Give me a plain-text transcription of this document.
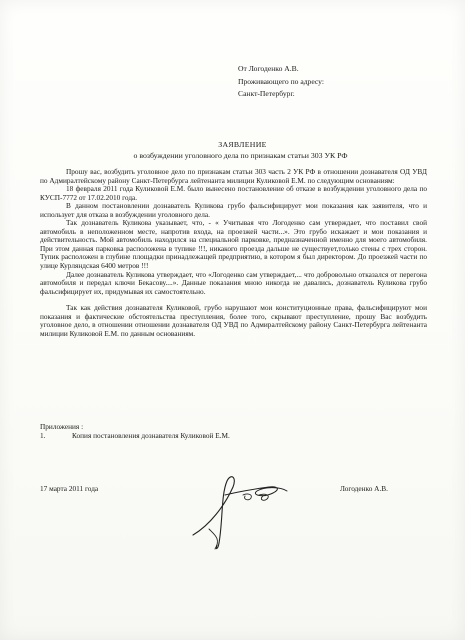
От Логоденко А.В.
Проживающего по адресу:
Санкт-Петербург.
ЗАЯВЛЕНИЕ
о возбуждении уголовного дела по признакам статьи 303 УК РФ

Прошу вас, возбудить уголовное дело по признакам статьи 303 часть 2 УК РФ в отношении дознавателя ОД УВД по Адмиралтейскому району Санкт-Петербурга лейтенанта милиции Куликовой Е.М. по следующим основаниям:

18 февраля 2011 года Куликовой Е.М. было вынесено постановление об отказе в возбуждении уголовного дела по КУСП-7772 от 17.02.2010 года.

В данном постановлении дознаватель Куликова грубо фальсифицирует мои показания как заявителя, что и использует для отказа в возбуждении уголовного дела.

Так дознаватель Куликова указывает, что, - « Учитывая что Логоденко сам утверждает, что поставил свой автомобиль в неположенном месте, напротив входа, на проезжей части...». Это грубо искажает и мои показания и действительность. Мой автомобиль находился на специальной парковке, предназначенной именно для моего автомобиля. При этом данная парковка расположена в тупике !!!, никакого проезда дальше не существует,только стены с трех сторон. Тупик расположен в глубине площадки принадлежащей предприятию, в котором я был директором. До проезжей части по улице Курляндская 6400 метров !!!

Далее дознаватель Куликова утверждает, что «Логоденко сам утверждает,... что добровольно отказался от перегона автомобиля и передал ключи Бекасову....». Данные показания мною никогда не давались, дознаватель Куликова грубо фальсифицирует их, придумывая их самостоятельно.

Так как действия дознавателя Куликовой, грубо нарушают мои конституционные права, фальсифицируют мои показания и фактические обстоятельства преступления, более того, скрывают преступление, прошу Вас возбудить уголовное дело, в отношении отношении дознавателя ОД УВД по Адмиралтейскому району Санкт-Петербурга лейтенанта милиции Куликовой Е.М. по данным основаниям.

Приложения :
1.	Копия постановления дознавателя Куликовой Е.М.
17 марта 2011 года	Логоденко А.В.
